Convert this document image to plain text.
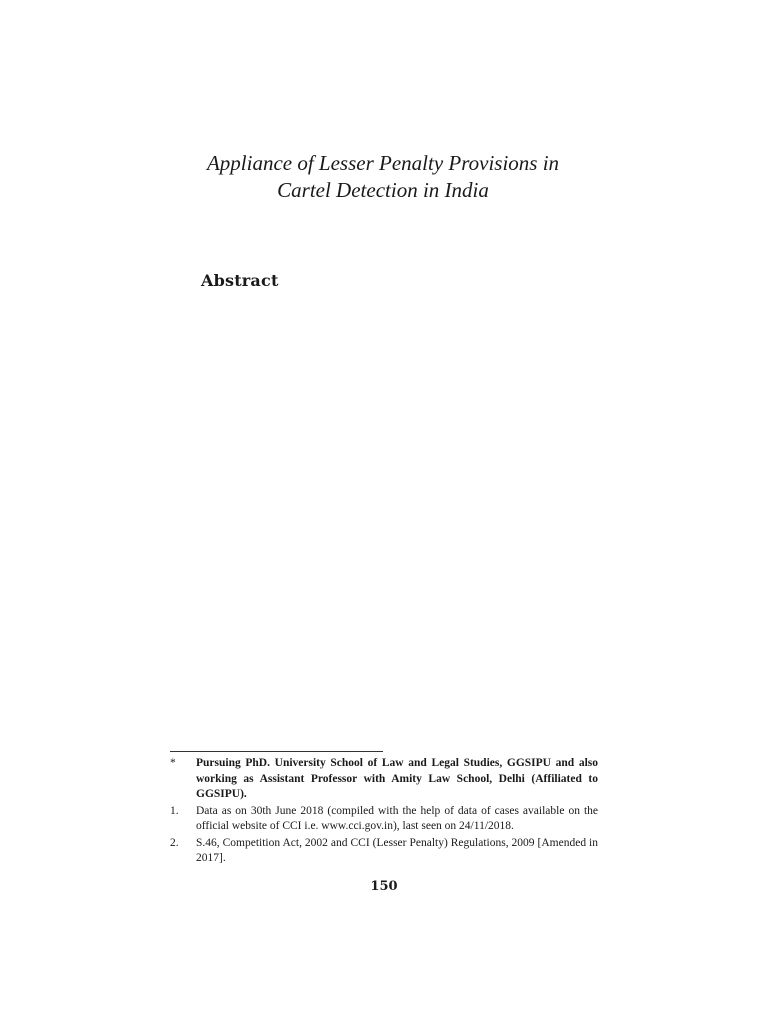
Appliance of Lesser Penalty Provisions in
Cartel Detection in India
Abstract
*	Pursuing PhD. University School of Law and Legal Studies, GGSIPU and also working as Assistant Professor with Amity Law School, Delhi (Affiliated to GGSIPU).
1.	Data as on 30th June 2018 (compiled with the help of data of cases available on the official website of CCI i.e. www.cci.gov.in), last seen on 24/11/2018.
2.	S.46, Competition Act, 2002 and CCI (Lesser Penalty) Regulations, 2009 [Amended in 2017].
150
